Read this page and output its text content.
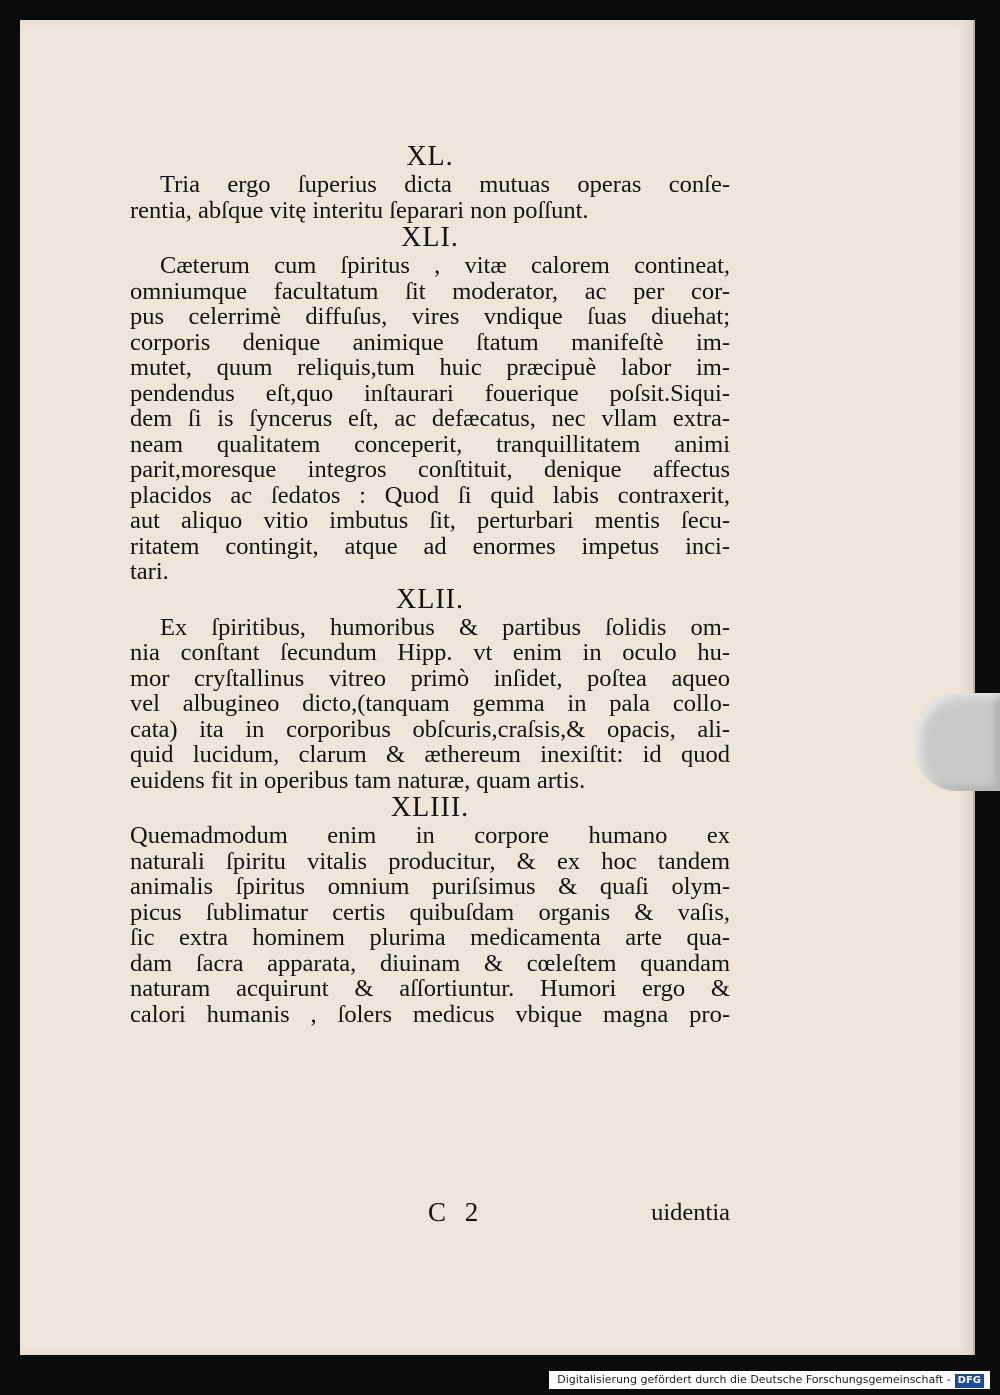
XL.

Tria ergo ſuperius dicta mutuas operas conſe-

rentia, abſque vitę interitu ſeparari non poſſunt.

XLI.

Cæterum cum ſpiritus , vitæ calorem contineat,

omniumque facultatum ſit moderator, ac per cor-

pus celerrimè diffuſus, vires vndique ſuas diuehat;

corporis denique animique ſtatum manifeſtè im-

mutet, quum reliquis,tum huic præcipuè labor im-

pendendus eſt,quo inſtaurari fouerique poſsit.Siqui-

dem ſi is ſyncerus eſt, ac defæcatus, nec vllam extra-

neam qualitatem conceperit, tranquillitatem animi

parit,moresque integros conſtituit, denique affectus

placidos ac ſedatos : Quod ſi quid labis contraxerit,

aut aliquo vitio imbutus ſit, perturbari mentis ſecu-

ritatem contingit, atque ad enormes impetus inci-

tari.

XLII.

Ex ſpiritibus, humoribus & partibus ſolidis om-

nia conſtant ſecundum Hipp. vt enim in oculo hu-

mor cryſtallinus vitreo primò inſidet, poſtea aqueo

vel albugineo dicto,(tanquam gemma in pala collo-

cata) ita in corporibus obſcuris,craſsis,& opacis, ali-

quid lucidum, clarum & æthereum inexiſtit: id quod

euidens fit in operibus tam naturæ, quam artis.

XLIII.

Quemadmodum enim in corpore humano ex

naturali ſpiritu vitalis producitur, & ex hoc tandem

animalis ſpiritus omnium puriſsimus & quaſi olym-

picus ſublimatur certis quibuſdam organis & vaſis,

ſic extra hominem plurima medicamenta arte qua-

dam ſacra apparata, diuinam & cœleſtem quandam

naturam acquirunt & aſſortiuntur. Humori ergo &

calori humanis , ſolers medicus vbique magna pro-

C 2	uidentia
Digitalisierung gefördert durch die Deutsche Forschungsgemeinschaft - DFG
